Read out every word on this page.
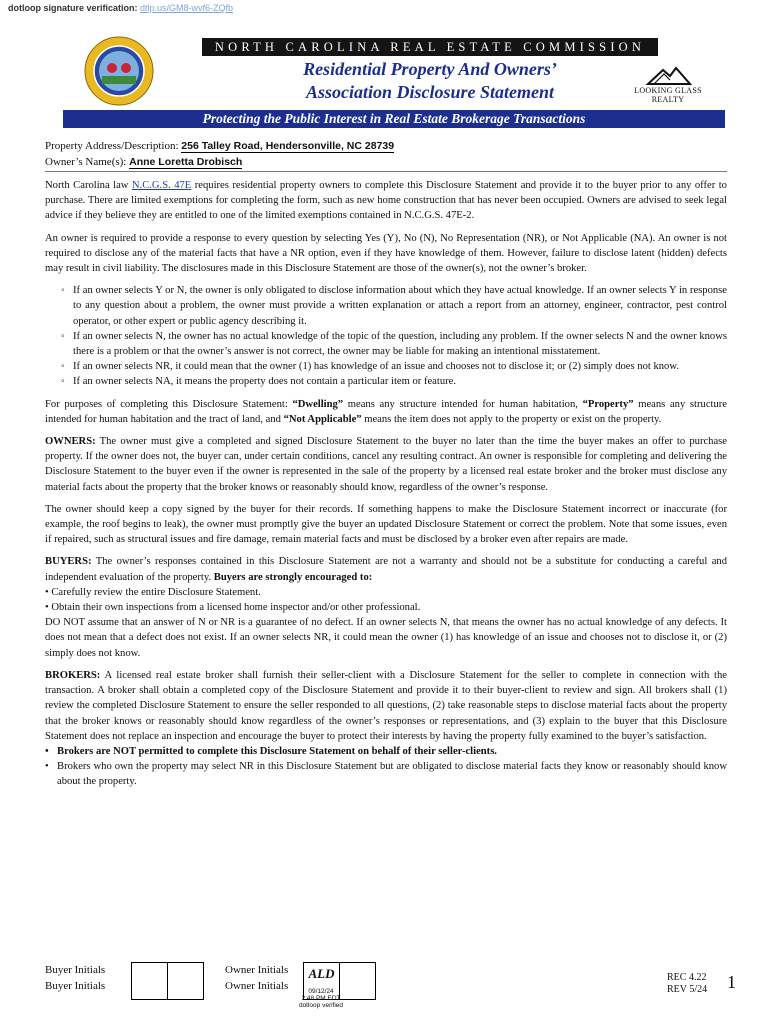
dotloop signature verification: dtlp.us/GM8-wvf6-ZQfb
NORTH CAROLINA REAL ESTATE COMMISSION
Residential Property And Owners’
Association Disclosure Statement	LOOKING GLASS REALTY
Protecting the Public Interest in Real Estate Brokerage Transactions
Property Address/Description: 256 Talley Road, Hendersonville, NC 28739
Owner’s Name(s): Anne Loretta Drobisch

North Carolina law N.C.G.S. 47E requires residential property owners to complete this Disclosure Statement and provide it to the buyer prior to any offer to purchase. There are limited exemptions for completing the form, such as new home construction that has never been occupied. Owners are advised to seek legal advice if they believe they are entitled to one of the limited exemptions contained in N.C.G.S. 47E-2.

An owner is required to provide a response to every question by selecting Yes (Y), No (N), No Representation (NR), or Not Applicable (NA). An owner is not required to disclose any of the material facts that have a NR option, even if they have knowledge of them. However, failure to disclose latent (hidden) defects may result in civil liability. The disclosures made in this Disclosure Statement are those of the owner(s), not the owner’s broker.

◦ If an owner selects Y or N, the owner is only obligated to disclose information about which they have actual knowledge. If an owner selects Y in response to any question about a problem, the owner must provide a written explanation or attach a report from an attorney, engineer, contractor, pest control operator, or other expert or public agency describing it.
◦ If an owner selects N, the owner has no actual knowledge of the topic of the question, including any problem. If the owner selects N and the owner knows there is a problem or that the owner’s answer is not correct, the owner may be liable for making an intentional misstatement.
◦ If an owner selects NR, it could mean that the owner (1) has knowledge of an issue and chooses not to disclose it; or (2) simply does not know.
◦ If an owner selects NA, it means the property does not contain a particular item or feature.

For purposes of completing this Disclosure Statement: “Dwelling” means any structure intended for human habitation, “Property” means any structure intended for human habitation and the tract of land, and “Not Applicable” means the item does not apply to the property or exist on the property.

OWNERS: The owner must give a completed and signed Disclosure Statement to the buyer no later than the time the buyer makes an offer to purchase property. If the owner does not, the buyer can, under certain conditions, cancel any resulting contract. An owner is responsible for completing and delivering the Disclosure Statement to the buyer even if the owner is represented in the sale of the property by a licensed real estate broker and the broker must disclose any material facts about the property that the broker knows or reasonably should know, regardless of the owner’s response.

The owner should keep a copy signed by the buyer for their records. If something happens to make the Disclosure Statement incorrect or inaccurate (for example, the roof begins to leak), the owner must promptly give the buyer an updated Disclosure Statement or correct the problem. Note that some issues, even if repaired, such as structural issues and fire damage, remain material facts and must be disclosed by a broker even after repairs are made.

BUYERS: The owner’s responses contained in this Disclosure Statement are not a warranty and should not be a substitute for conducting a careful and independent evaluation of the property. Buyers are strongly encouraged to:
• Carefully review the entire Disclosure Statement.
• Obtain their own inspections from a licensed home inspector and/or other professional.
DO NOT assume that an answer of N or NR is a guarantee of no defect. If an owner selects N, that means the owner has no actual knowledge of any defects. It does not mean that a defect does not exist. If an owner selects NR, it could mean the owner (1) has knowledge of an issue and chooses not to disclose it, or (2) simply does not know.

BROKERS: A licensed real estate broker shall furnish their seller-client with a Disclosure Statement for the seller to complete in connection with the transaction. A broker shall obtain a completed copy of the Disclosure Statement and provide it to their buyer-client to review and sign. All brokers shall (1) review the completed Disclosure Statement to ensure the seller responded to all questions, (2) take reasonable steps to disclose material facts about the property that the broker knows or reasonably should know regardless of the owner’s responses or representations, and (3) explain to the buyer that this Disclosure Statement does not replace an inspection and encourage the buyer to protect their interests by having the property fully examined to the buyer’s satisfaction.

• Brokers are NOT permitted to complete this Disclosure Statement on behalf of their seller-clients.
• Brokers who own the property may select NR in this Disclosure Statement but are obligated to disclose material facts they know or reasonably should know about the property.
Buyer Initials
Buyer Initials
Owner Initials
Owner Initials
ALD
09/12/24
2:48 PM EDT
dotloop verified
REC 4.22
REV 5/24 1
